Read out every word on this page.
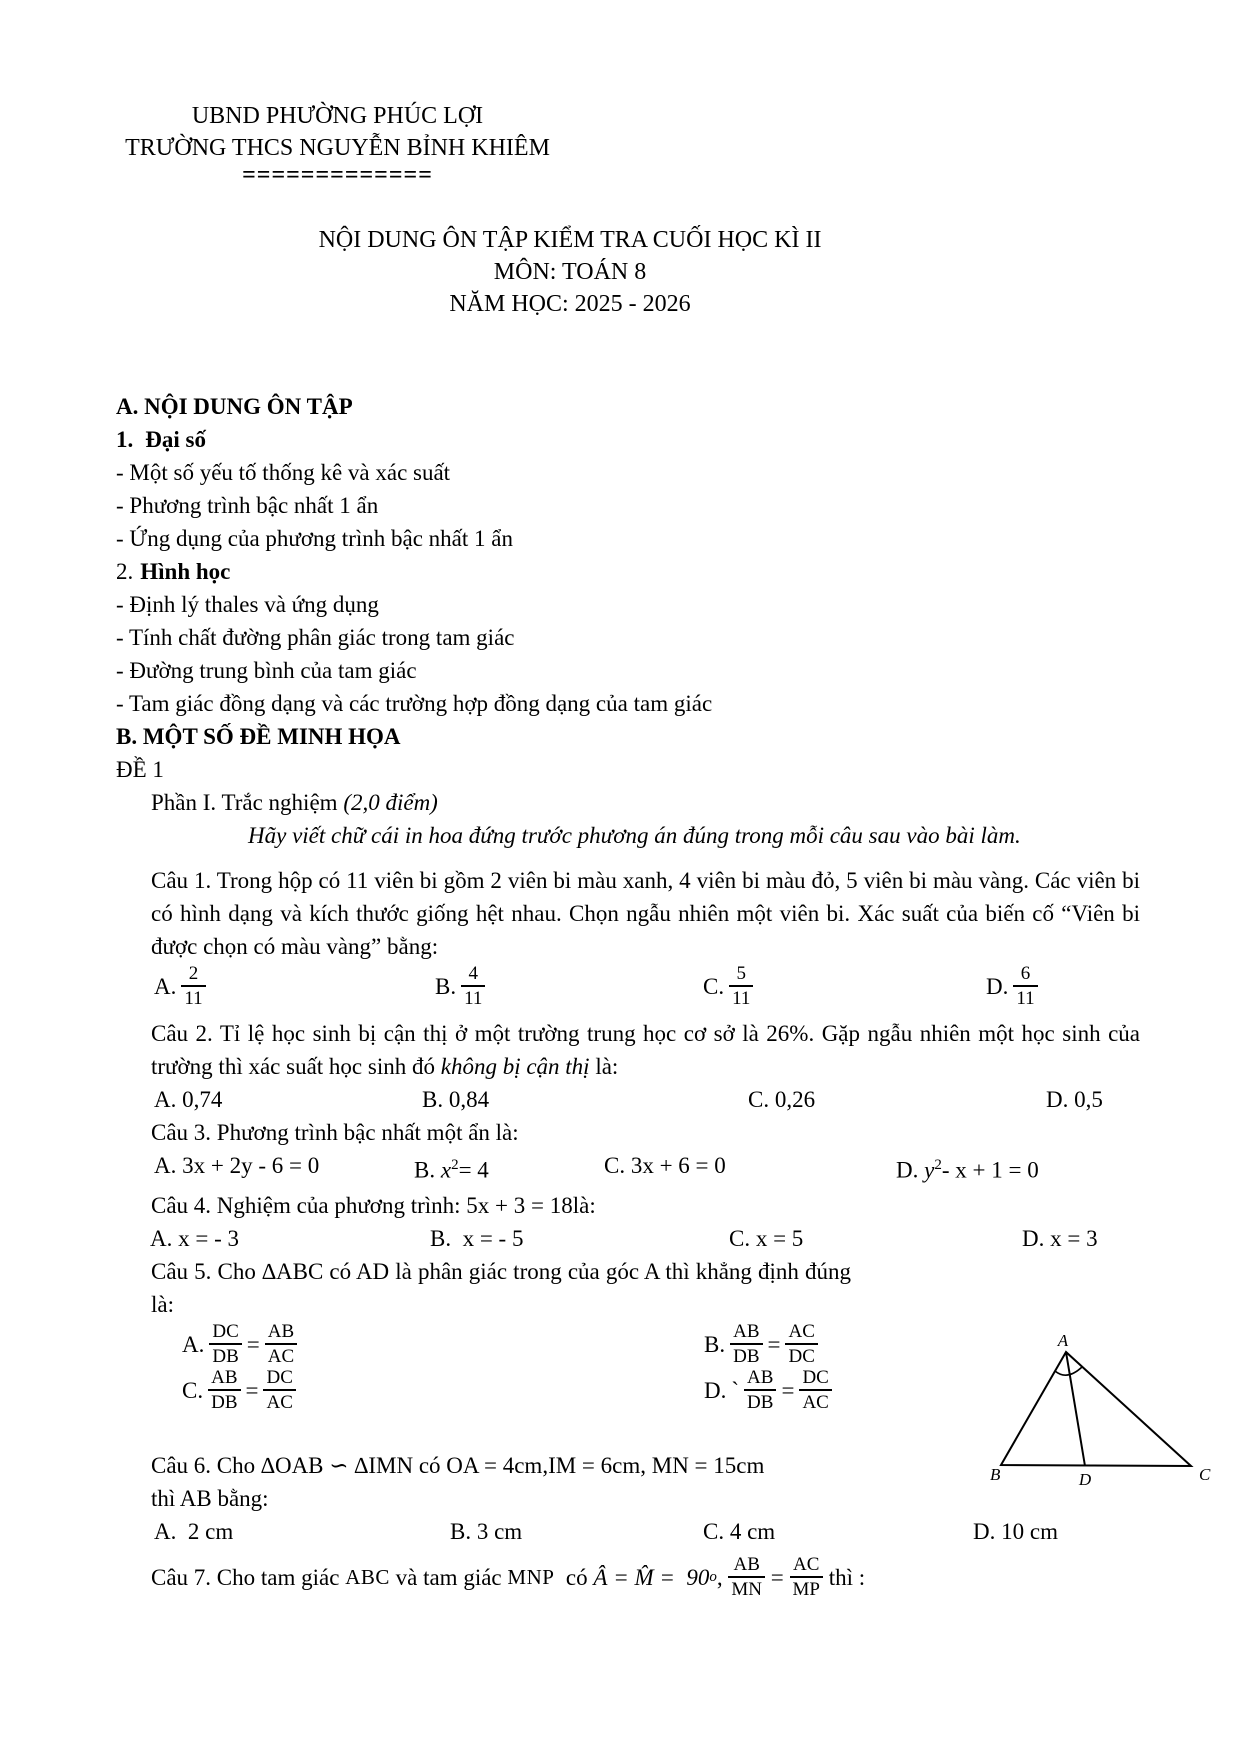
UBND PHƯỜNG PHÚC LỢI
TRƯỜNG THCS NGUYỄN BỈNH KHIÊM
=============
NỘI DUNG ÔN TẬP KIỂM TRA CUỐI HỌC KÌ II
MÔN: TOÁN 8
NĂM HỌC: 2025 - 2026
A. NỘI DUNG ÔN TẬP
1. Đại số
- Một số yếu tố thống kê và xác suất
- Phương trình bậc nhất 1 ẩn
- Ứng dụng của phương trình bậc nhất 1 ẩn
2. Hình học
- Định lý thales và ứng dụng
- Tính chất đường phân giác trong tam giác
- Đường trung bình của tam giác
- Tam giác đồng dạng và các trường hợp đồng dạng của tam giác
B. MỘT SỐ ĐỀ MINH HỌA
ĐỀ 1
Phần I. Trắc nghiệm (2,0 điểm)
Hãy viết chữ cái in hoa đứng trước phương án đúng trong mỗi câu sau vào bài làm.
Câu 1. Trong hộp có 11 viên bi gồm 2 viên bi màu xanh, 4 viên bi màu đỏ, 5 viên bi màu vàng. Các viên bi có hình dạng và kích thước giống hệt nhau. Chọn ngẫu nhiên một viên bi. Xác suất của biến cố “Viên bi được chọn có màu vàng” bằng:
A. $\frac{2}{11}$	B. $\frac{4}{11}$	C. $\frac{5}{11}$	D. $\frac{6}{11}$
Câu 2. Tỉ lệ học sinh bị cận thị ở một trường trung học cơ sở là 26%. Gặp ngẫu nhiên một học sinh của trường thì xác suất học sinh đó không bị cận thị là:
A. 0,74	B. 0,84	C. 0,26	D. 0,5
Câu 3. Phương trình bậc nhất một ẩn là:
A. 3x + 2y - 6 = 0	B. $x^2= 4$	C. 3x + 6 = 0	D. $y^2-$ x + 1 = 0
Câu 4. Nghiệm của phương trình: 5x + 3 = 18là:
A. x = - 3	B.  x = - 5	C. x = 5	D. x = 3
Câu 5. Cho ∆ABC có AD là phân giác trong của góc A thì khẳng định đúng là:
A. $\frac{DC}{DB} = \frac{AB}{AC}$	B. $\frac{AB}{DB} = \frac{AC}{DC}$
C. $\frac{AB}{DB} = \frac{DC}{AC}$	D. ` $\frac{AB}{DB} = \frac{DC}{AC}$
Câu 6. Cho ∆OAB ∽ ∆IMN có OA = 4cm,IM = 6cm, MN = 15cm
thì AB bằng:
A.  2 cm	B. 3 cm	C. 4 cm	D. 10 cm
Câu 7. Cho tam giác ABC và tam giác MNP có Â = M̂ =  90 o , $\frac{AB}{MN} = \frac{AC}{MP}$ thì :
A
B	C
D
